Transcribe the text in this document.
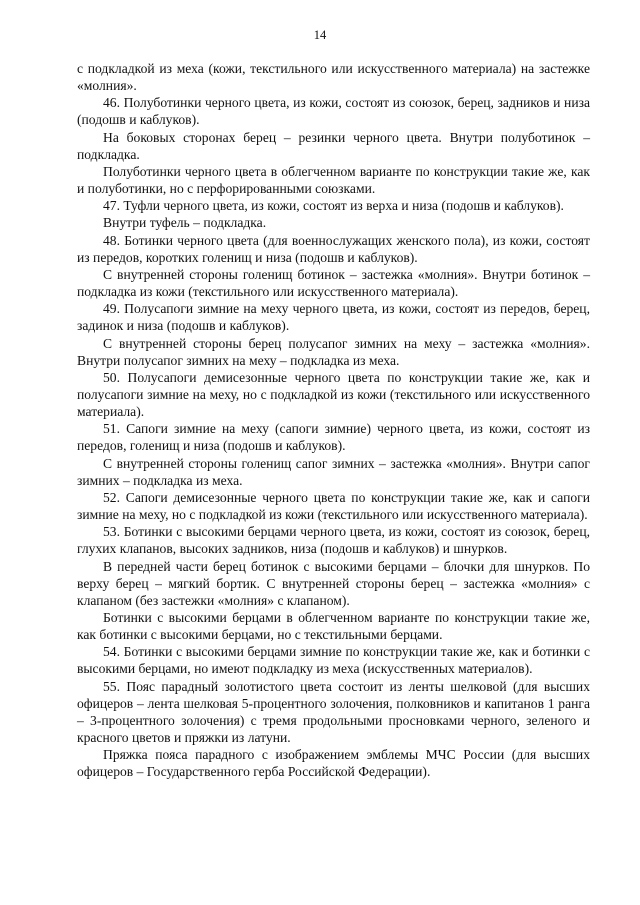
14

с подкладкой из меха (кожи, текстильного или искусственного материала) на застежке «молния».

46. Полуботинки черного цвета, из кожи, состоят из союзок, берец, задников и низа (подошв и каблуков).

На боковых сторонах берец – резинки черного цвета. Внутри полуботинок – подкладка.

Полуботинки черного цвета в облегченном варианте по конструкции такие же, как и полуботинки, но с перфорированными союзками.

47. Туфли черного цвета, из кожи, состоят из верха и низа (подошв и каблуков).

Внутри туфель – подкладка.

48. Ботинки черного цвета (для военнослужащих женского пола), из кожи, состоят из передов, коротких голенищ и низа (подошв и каблуков).

С внутренней стороны голенищ ботинок – застежка «молния». Внутри ботинок – подкладка из кожи (текстильного или искусственного материала).

49. Полусапоги зимние на меху черного цвета, из кожи, состоят из передов, берец, задинок и низа (подошв и каблуков).

С внутренней стороны берец полусапог зимних на меху – застежка «молния». Внутри полусапог зимних на меху – подкладка из меха.

50. Полусапоги демисезонные черного цвета по конструкции такие же, как и полусапоги зимние на меху, но с подкладкой из кожи (текстильного или искусственного материала).

51. Сапоги зимние на меху (сапоги зимние) черного цвета, из кожи, состоят из передов, голенищ и низа (подошв и каблуков).

С внутренней стороны голенищ сапог зимних – застежка «молния». Внутри сапог зимних – подкладка из меха.

52. Сапоги демисезонные черного цвета по конструкции такие же, как и сапоги зимние на меху, но с подкладкой из кожи (текстильного или искусственного материала).

53. Ботинки с высокими берцами черного цвета, из кожи, состоят из союзок, берец, глухих клапанов, высоких задников, низа (подошв и каблуков) и шнурков.

В передней части берец ботинок с высокими берцами – блочки для шнурков. По верху берец – мягкий бортик. С внутренней стороны берец – застежка «молния» с клапаном (без застежки «молния» с клапаном).

Ботинки с высокими берцами в облегченном варианте по конструкции такие же, как ботинки с высокими берцами, но с текстильными берцами.

54. Ботинки с высокими берцами зимние по конструкции такие же, как и ботинки с высокими берцами, но имеют подкладку из меха (искусственных материалов).

55. Пояс парадный золотистого цвета состоит из ленты шелковой (для высших офицеров – лента шелковая 5-процентного золочения, полковников и капитанов 1 ранга – 3-процентного золочения) с тремя продольными просновками черного, зеленого и красного цветов и пряжки из латуни.

Пряжка пояса парадного с изображением эмблемы МЧС России (для высших офицеров – Государственного герба Российской Федерации).
